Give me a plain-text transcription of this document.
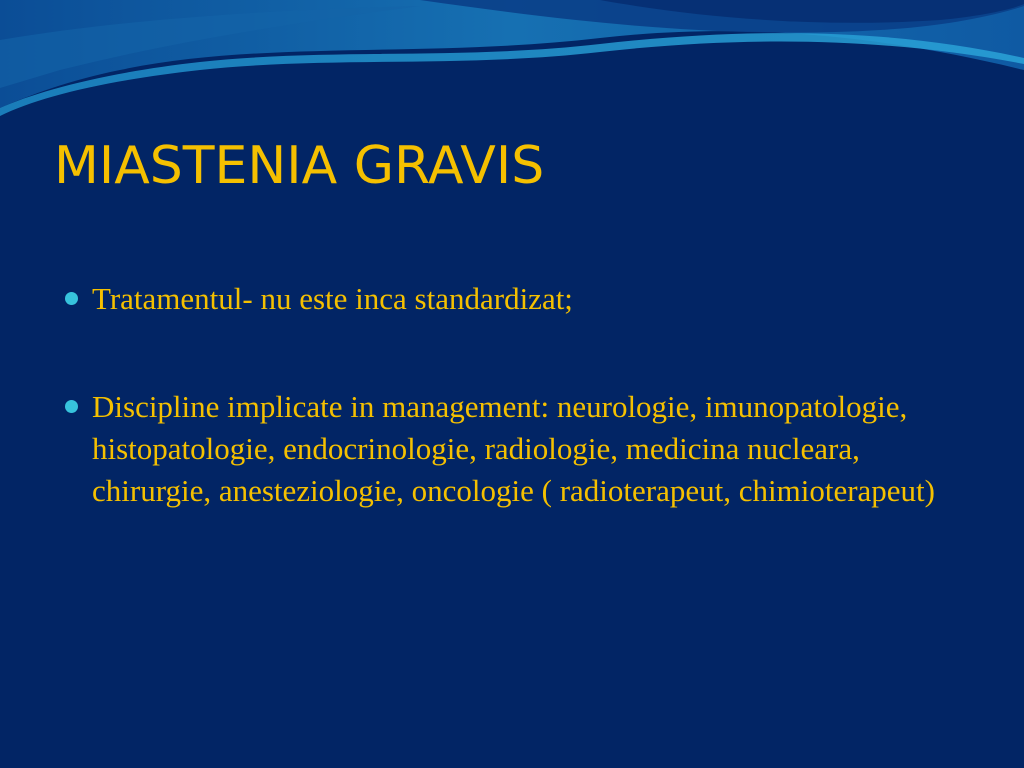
MIASTENIA GRAVIS
Tratamentul- nu este inca standardizat;
Discipline implicate in management: neurologie, imunopatologie, histopatologie, endocrinologie, radiologie, medicina nucleara, chirurgie, anesteziologie, oncologie ( radioterapeut, chimioterapeut)
